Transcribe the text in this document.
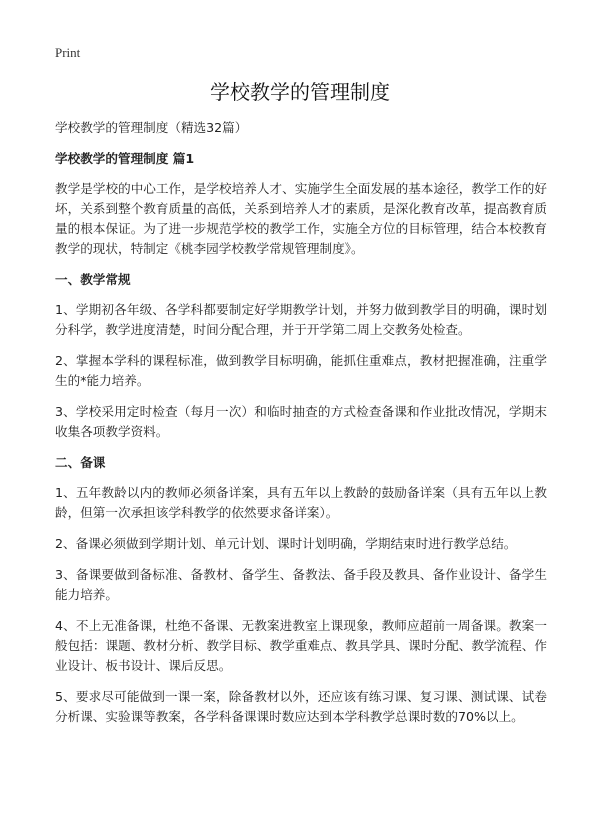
Print
学校教学的管理制度

学校教学的管理制度（精选32篇）

学校教学的管理制度 篇1

教学是学校的中心工作，是学校培养人才、实施学生全面发展的基本途径，教学工作的好坏，关系到整个教育质量的高低，关系到培养人才的素质，是深化教育改革，提高教育质量的根本保证。为了进一步规范学校的教学工作，实施全方位的目标管理，结合本校教育教学的现状，特制定《桃李园学校教学常规管理制度》。

一、教学常规

1、学期初各年级、各学科都要制定好学期教学计划，并努力做到教学目的明确，课时划分科学，教学进度清楚，时间分配合理，并于开学第二周上交教务处检查。

2、掌握本学科的课程标准，做到教学目标明确，能抓住重难点，教材把握准确，注重学生的*能力培养。

3、学校采用定时检查（每月一次）和临时抽查的方式检查备课和作业批改情况，学期末收集各项教学资料。

二、备课

1、五年教龄以内的教师必须备详案，具有五年以上教龄的鼓励备详案（具有五年以上教龄，但第一次承担该学科教学的依然要求备详案）。

2、备课必须做到学期计划、单元计划、课时计划明确，学期结束时进行教学总结。

3、备课要做到备标准、备教材、备学生、备教法、备手段及教具、备作业设计、备学生能力培养。

4、不上无准备课，杜绝不备课、无教案进教室上课现象，教师应超前一周备课。教案一般包括：课题、教材分析、教学目标、教学重难点、教具学具、课时分配、教学流程、作业设计、板书设计、课后反思。

5、要求尽可能做到一课一案，除备教材以外，还应该有练习课、复习课、测试课、试卷分析课、实验课等教案，各学科备课课时数应达到本学科教学总课时数的70%以上。
